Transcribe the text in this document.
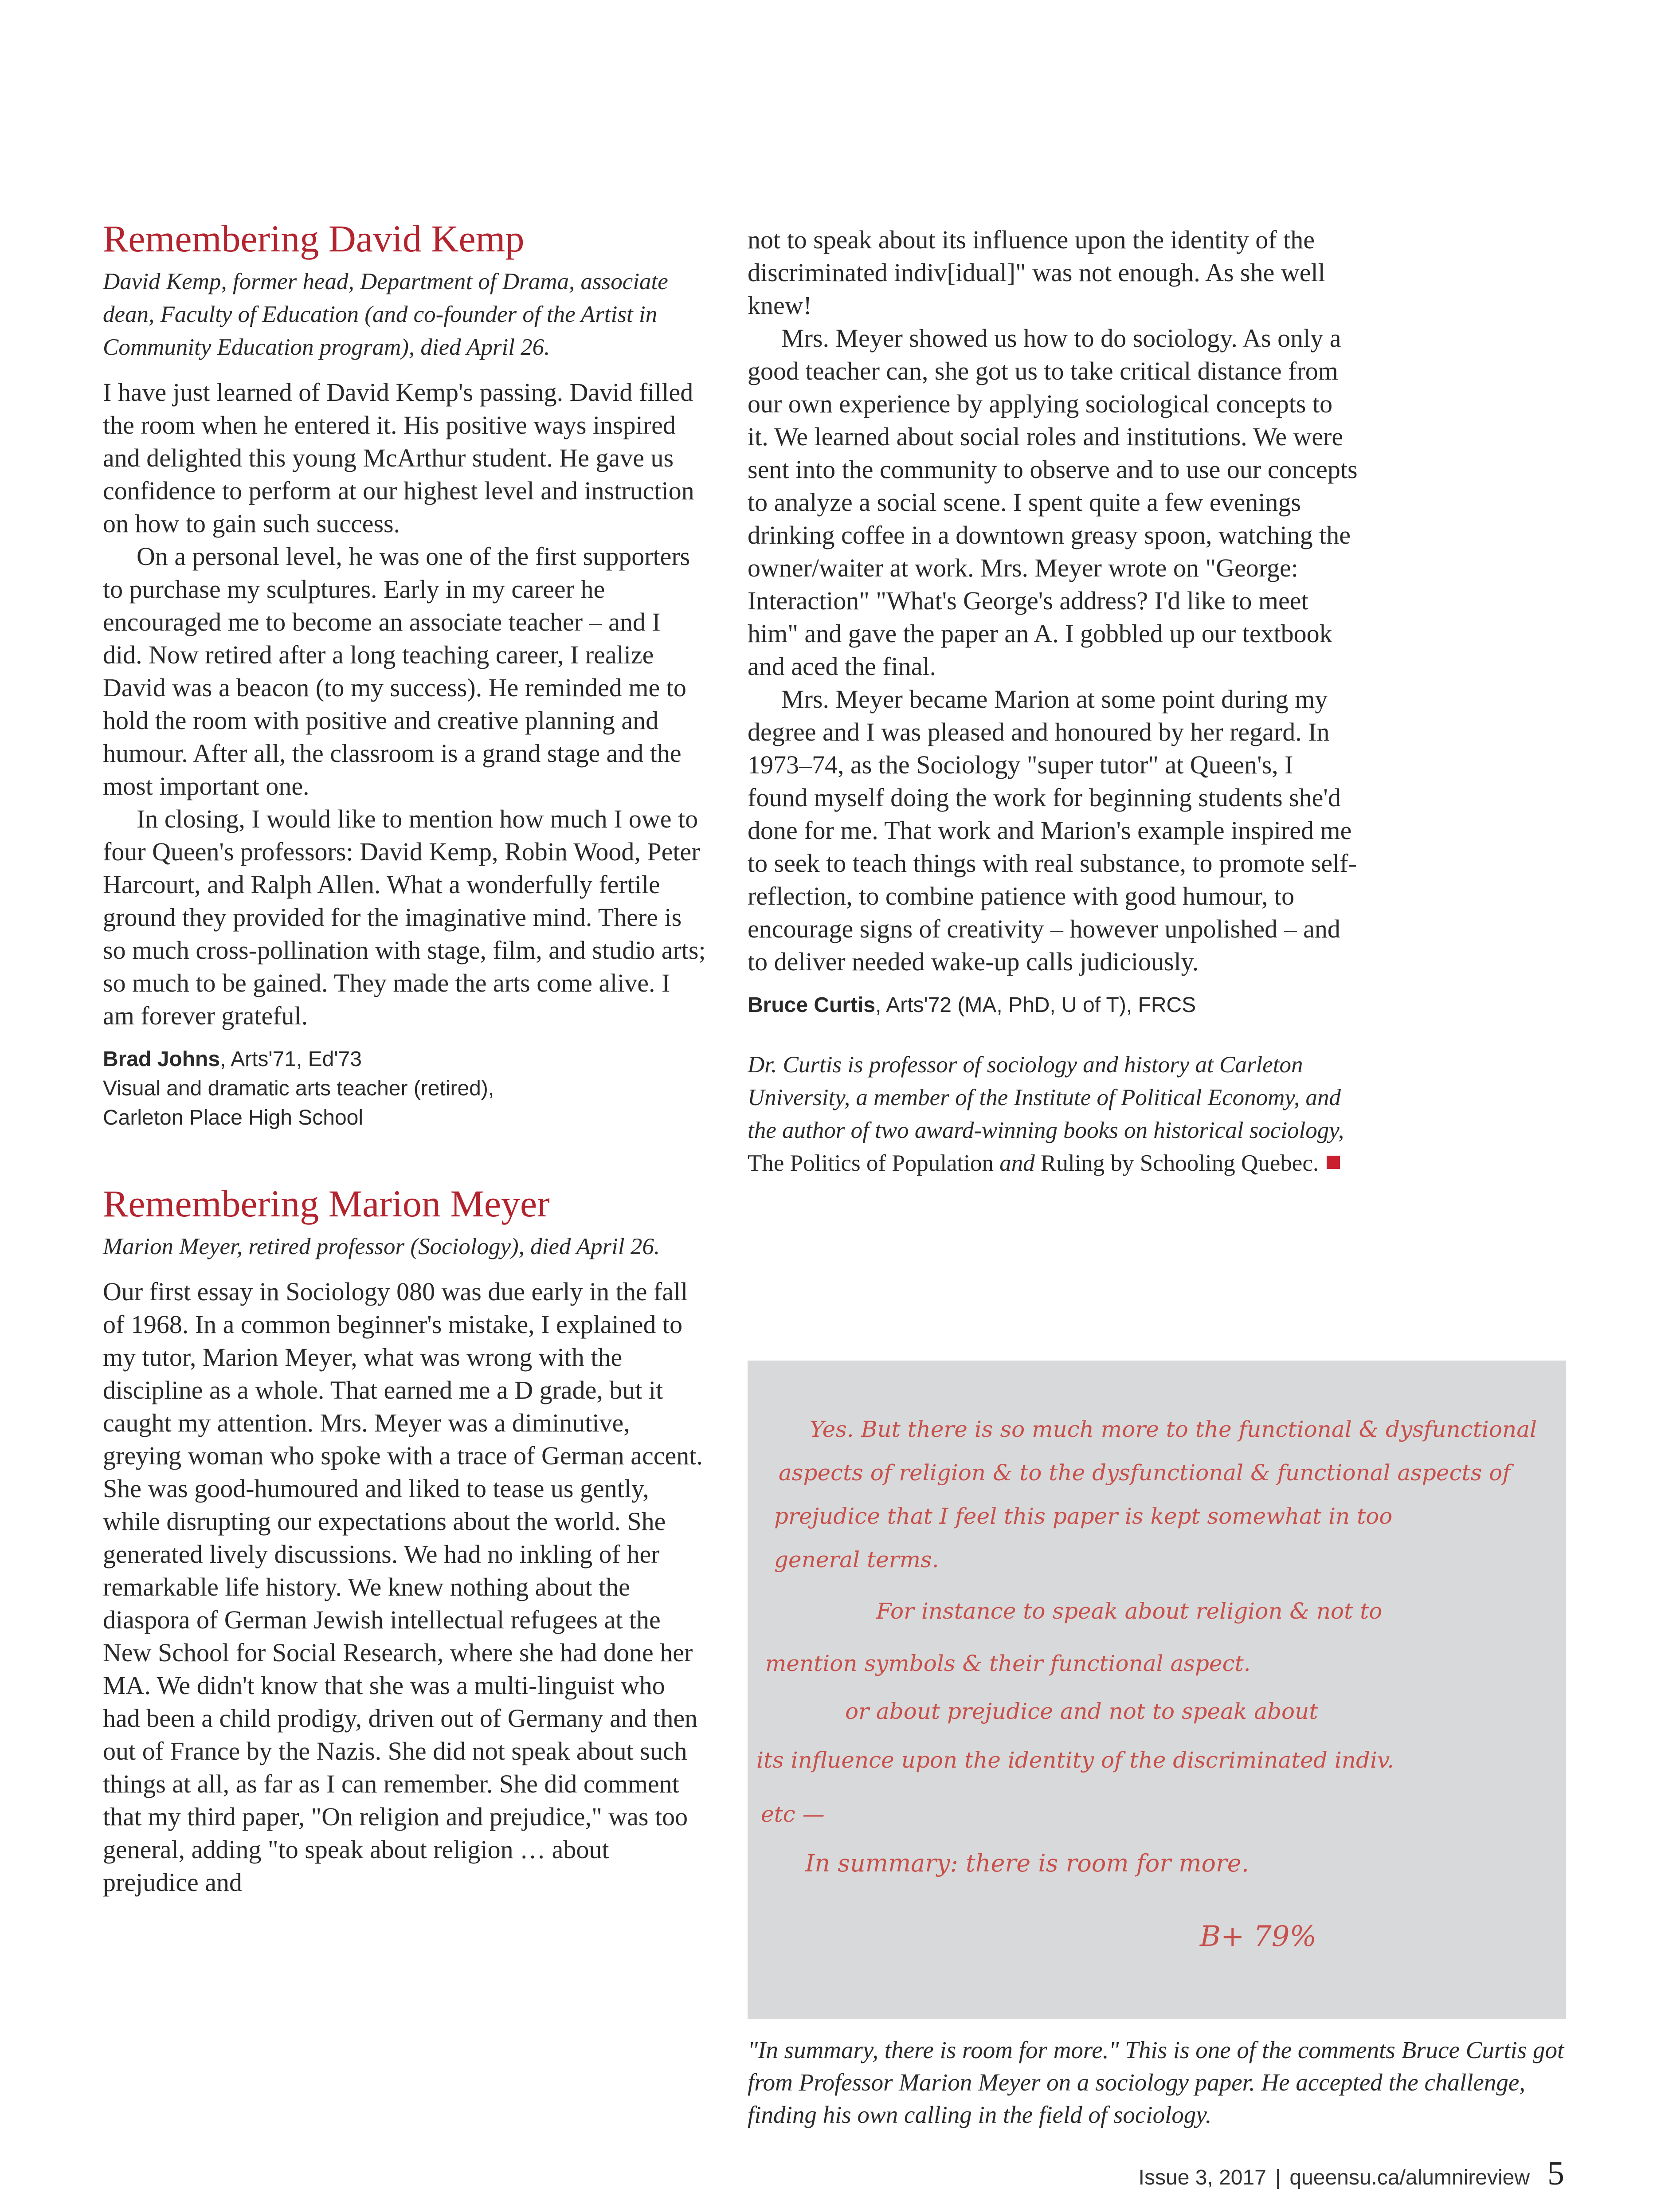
Remembering David Kemp

David Kemp, former head, Department of Drama, associate dean, Faculty of Education (and co-founder of the Artist in Community Education program), died April 26.

I have just learned of David Kemp's passing. David filled the room when he entered it. His positive ways inspired and delighted this young McArthur student. He gave us confidence to perform at our highest level and instruction on how to gain such success.

On a personal level, he was one of the first supporters to purchase my sculptures. Early in my career he encouraged me to become an associate teacher – and I did. Now retired after a long teaching career, I realize David was a beacon (to my success). He reminded me to hold the room with positive and creative planning and humour. After all, the classroom is a grand stage and the most important one.

In closing, I would like to mention how much I owe to four Queen's professors: David Kemp, Robin Wood, Peter Harcourt, and Ralph Allen. What a wonderfully fertile ground they provided for the imaginative mind. There is so much cross-pollination with stage, film, and studio arts; so much to be gained. They made the arts come alive. I am forever grateful.

Brad Johns, Arts'71, Ed'73
Visual and dramatic arts teacher (retired),
Carleton Place High School

Remembering Marion Meyer

Marion Meyer, retired professor (Sociology), died April 26.

Our first essay in Sociology 080 was due early in the fall of 1968. In a common beginner's mistake, I explained to my tutor, Marion Meyer, what was wrong with the discipline as a whole. That earned me a D grade, but it caught my attention. Mrs. Meyer was a diminutive, greying woman who spoke with a trace of German accent. She was good-humoured and liked to tease us gently, while disrupting our expectations about the world. She generated lively discussions. We had no inkling of her remarkable life history. We knew nothing about the diaspora of German Jewish intellectual refugees at the New School for Social Research, where she had done her MA. We didn't know that she was a multi-linguist who had been a child prodigy, driven out of Germany and then out of France by the Nazis. She did not speak about such things at all, as far as I can remember. She did comment that my third paper, "On religion and prejudice," was too general, adding "to speak about religion … about prejudice and

not to speak about its influence upon the identity of the discriminated indiv[idual]" was not enough. As she well knew!

Mrs. Meyer showed us how to do sociology. As only a good teacher can, she got us to take critical distance from our own experience by applying sociological concepts to it. We learned about social roles and institutions. We were sent into the community to observe and to use our concepts to analyze a social scene. I spent quite a few evenings drinking coffee in a downtown greasy spoon, watching the owner/waiter at work. Mrs. Meyer wrote on "George: Interaction" "What's George's address? I'd like to meet him" and gave the paper an A. I gobbled up our textbook and aced the final.

Mrs. Meyer became Marion at some point during my degree and I was pleased and honoured by her regard. In 1973–74, as the Sociology "super tutor" at Queen's, I found myself doing the work for beginning students she'd done for me. That work and Marion's example inspired me to seek to teach things with real substance, to promote self-reflection, to combine patience with good humour, to encourage signs of creativity – however unpolished – and to deliver needed wake-up calls judiciously.

Bruce Curtis, Arts'72 (MA, PhD, U of T), FRCS

Dr. Curtis is professor of sociology and history at Carleton University, a member of the Institute of Political Economy, and the author of two award-winning books on historical sociology, The Politics of Population and Ruling by Schooling Quebec.

Yes. But there is so much more to the functional & dysfunctional
aspects of religion & to the dysfunctional & functional aspects of
prejudice that I feel this paper is kept somewhat in too
general terms.
For instance to speak about religion & not to
mention symbols & their functional aspect.
or about prejudice and not to speak about
its influence upon the identity of the discriminated indiv.
etc —
In summary: there is room for more.
B+ 79%

"In summary, there is room for more." This is one of the comments Bruce Curtis got from Professor Marion Meyer on a sociology paper. He accepted the challenge, finding his own calling in the field of sociology.

Issue 3, 2017 | queensu.ca/alumnireview 5
